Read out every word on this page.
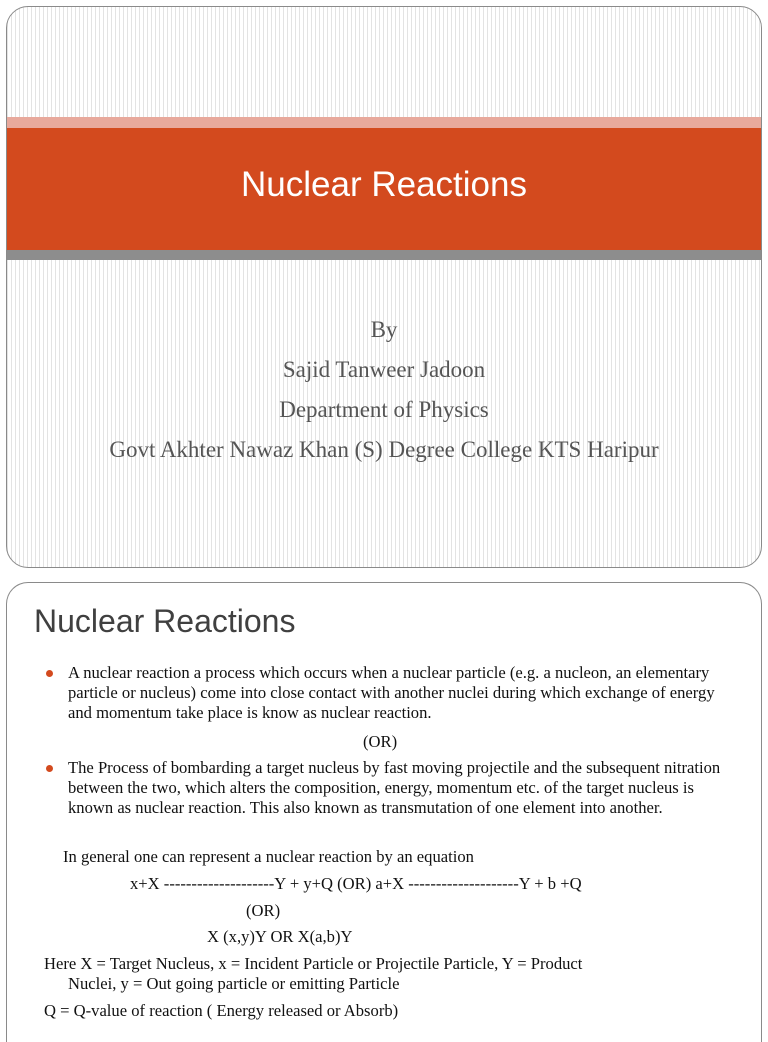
Nuclear Reactions
By
Sajid Tanweer Jadoon
Department of Physics
Govt Akhter Nawaz Khan (S) Degree College KTS Haripur
Nuclear Reactions
A nuclear reaction a process which occurs when a nuclear particle (e.g. a nucleon, an elementary particle or nucleus) come into close contact with another nuclei during which exchange of energy and momentum take place is know as nuclear reaction.
(OR)
The Process of bombarding a target nucleus by fast moving projectile and the subsequent nitration between the two, which alters the composition, energy, momentum etc. of the target nucleus is known as nuclear reaction. This also known as transmutation of one element into another.
In general one can represent a nuclear reaction by an equation
x+X --------------------Y + y+Q (OR) a+X --------------------Y + b +Q
(OR)
X (x,y)Y OR X(a,b)Y
Here X = Target Nucleus, x = Incident Particle or Projectile Particle, Y = Product
Nuclei, y = Out going particle or emitting Particle
Q = Q-value of reaction ( Energy released or Absorb)
